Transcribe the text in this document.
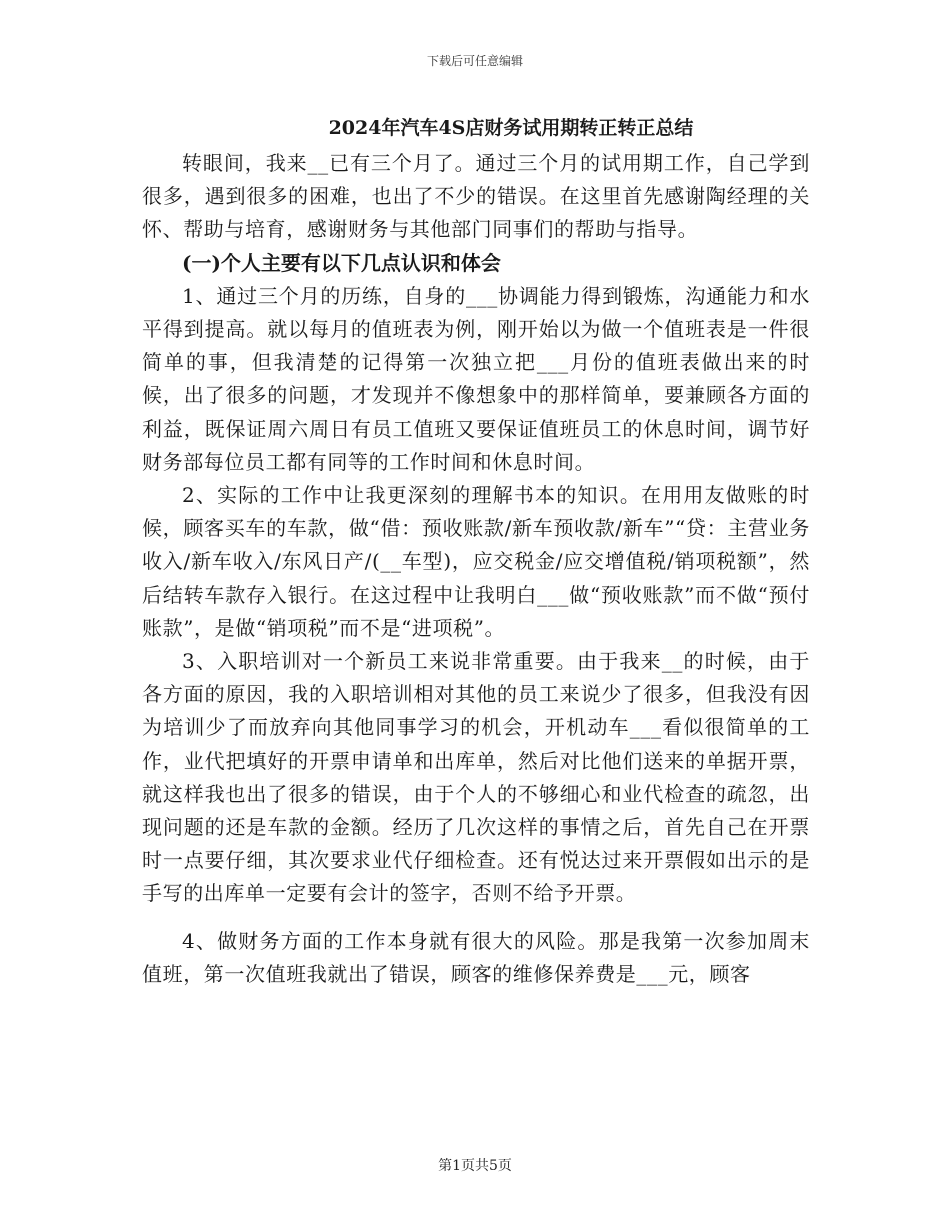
下载后可任意编辑
2024年汽车4S店财务试用期转正转正总结

转眼间，我来__已有三个月了。通过三个月的试用期工作，自己学到很多，遇到很多的困难，也出了不少的错误。在这里首先感谢陶经理的关怀、帮助与培育，感谢财务与其他部门同事们的帮助与指导。

(一)个人主要有以下几点认识和体会

1、通过三个月的历练，自身的___协调能力得到锻炼，沟通能力和水平得到提高。就以每月的值班表为例，刚开始以为做一个值班表是一件很简单的事，但我清楚的记得第一次独立把___月份的值班表做出来的时候，出了很多的问题，才发现并不像想象中的那样简单，要兼顾各方面的利益，既保证周六周日有员工值班又要保证值班员工的休息时间，调节好财务部每位员工都有同等的工作时间和休息时间。

2、实际的工作中让我更深刻的理解书本的知识。在用用友做账的时候，顾客买车的车款，做“借：预收账款/新车预收款/新车”“贷：主营业务收入/新车收入/东风日产/(__车型)，应交税金/应交增值税/销项税额”，然后结转车款存入银行。在这过程中让我明白___做“预收账款”而不做“预付账款”，是做“销项税”而不是“进项税”。

3、入职培训对一个新员工来说非常重要。由于我来__的时候，由于各方面的原因，我的入职培训相对其他的员工来说少了很多，但我没有因为培训少了而放弃向其他同事学习的机会，开机动车___看似很简单的工作，业代把填好的开票申请单和出库单，然后对比他们送来的单据开票，就这样我也出了很多的错误，由于个人的不够细心和业代检查的疏忽，出现问题的还是车款的金额。经历了几次这样的事情之后，首先自己在开票时一点要仔细，其次要求业代仔细检查。还有悦达过来开票假如出示的是手写的出库单一定要有会计的签字，否则不给予开票。

4、做财务方面的工作本身就有很大的风险。那是我第一次参加周末值班，第一次值班我就出了错误，顾客的维修保养费是___元，顾客

第1页共5页
